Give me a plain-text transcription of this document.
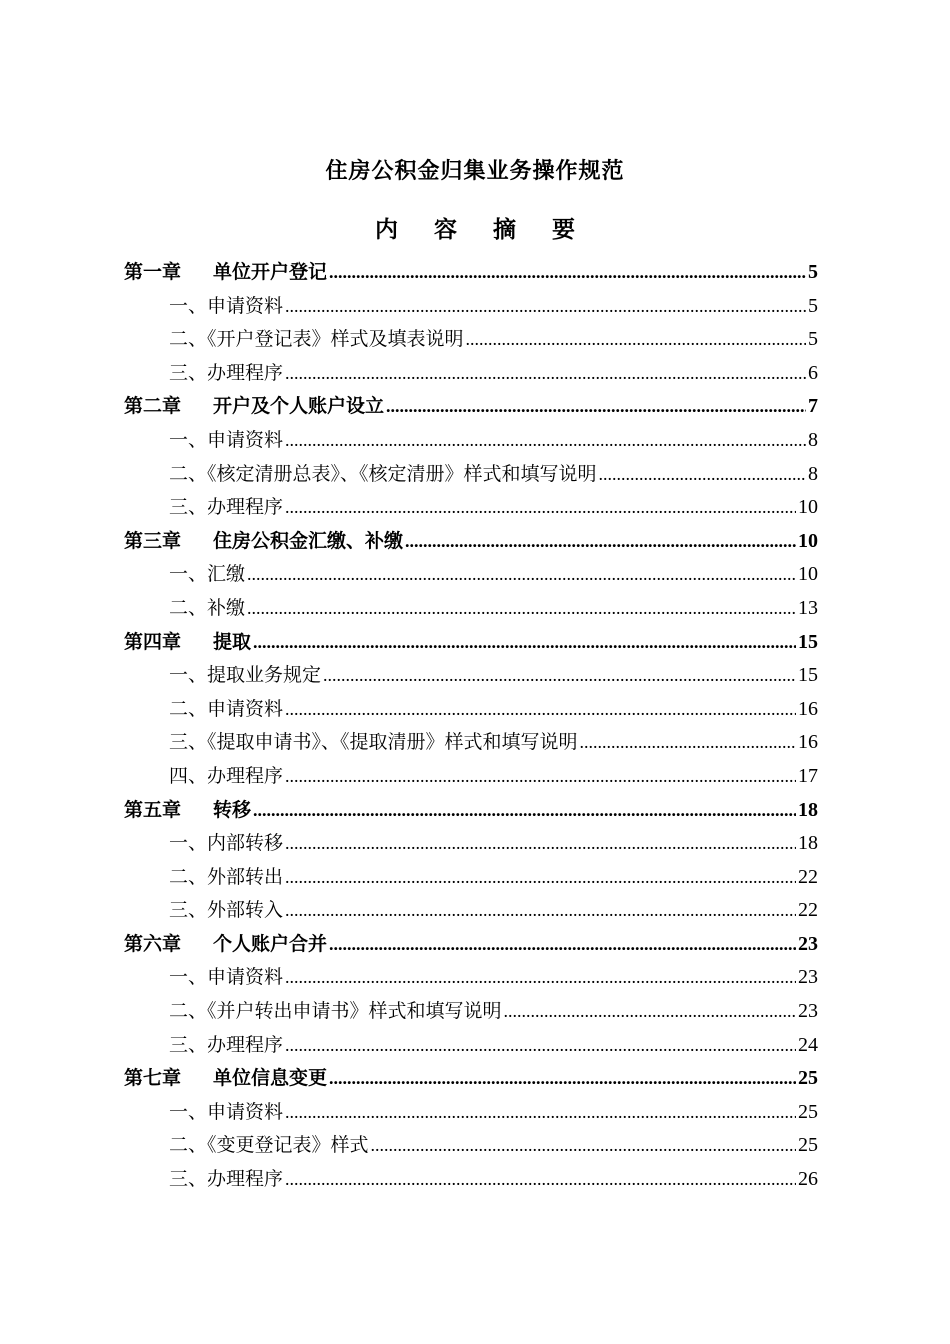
住房公积金归集业务操作规范
内 容 摘 要
第一章	单位开户登记 .....	5
一、申请资料 .....	5
二、《开户登记表》样式及填表说明 .....	5
三、办理程序 .....	6
第二章	开户及个人账户设立 .....	7
一、申请资料 .....	8
二、《核定清册总表》、《核定清册》样式和填写说明 .....	8
三、办理程序 .....	10
第三章	住房公积金汇缴、补缴 .....	10
一、汇缴 .....	10
二、补缴 .....	13
第四章	提取 .....	15
一、提取业务规定 .....	15
二、申请资料 .....	16
三、《提取申请书》、《提取清册》样式和填写说明 .....	16
四、办理程序 .....	17
第五章	转移 .....	18
一、内部转移 .....	18
二、外部转出 .....	22
三、外部转入 .....	22
第六章	个人账户合并 .....	23
一、申请资料 .....	23
二、《并户转出申请书》样式和填写说明 .....	23
三、办理程序 .....	24
第七章	单位信息变更 .....	25
一、申请资料 .....	25
二、《变更登记表》样式 .....	25
三、办理程序 .....	26
